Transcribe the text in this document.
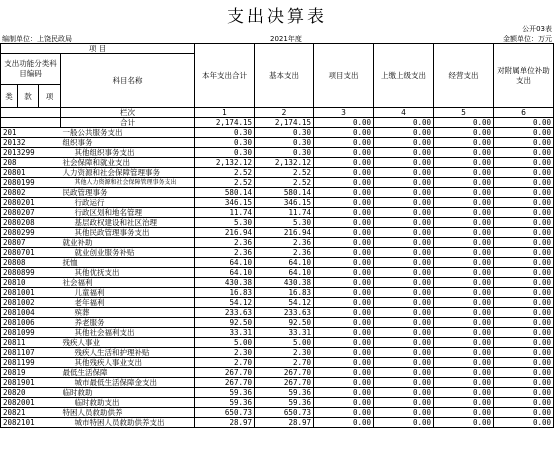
支出决算表
公开03表
编制单位：上饶民政局	2021年度	金额单位：万元
项 目				本年支出合计	基本支出	项目支出	上缴上级支出	经营支出	对附属单位补助支出
支出功能分类科目编码			科目名称						
类	款	项							
			栏次	1	2	3	4	5	6
			合计	2,174.15	2,174.15	0.00	0.00	0.00	0.00
201			一般公共服务支出	0.30	0.30	0.00	0.00	0.00	0.00
20132			组织事务	0.30	0.30	0.00	0.00	0.00	0.00
2013299			其他组织事务支出	0.30	0.30	0.00	0.00	0.00	0.00
208			社会保障和就业支出	2,132.12	2,132.12	0.00	0.00	0.00	0.00
20801			人力资源和社会保障管理事务	2.52	2.52	0.00	0.00	0.00	0.00
2080199			其他人力资源和社会保障管理事务支出	2.52	2.52	0.00	0.00	0.00	0.00
20802			民政管理事务	580.14	580.14	0.00	0.00	0.00	0.00
2080201			行政运行	346.15	346.15	0.00	0.00	0.00	0.00
2080207			行政区划和地名管理	11.74	11.74	0.00	0.00	0.00	0.00
2080208			基层政权建设和社区治理	5.30	5.30	0.00	0.00	0.00	0.00
2080299			其他民政管理事务支出	216.94	216.94	0.00	0.00	0.00	0.00
20807			就业补助	2.36	2.36	0.00	0.00	0.00	0.00
2080701			就业创业服务补贴	2.36	2.36	0.00	0.00	0.00	0.00
20808			抚恤	64.10	64.10	0.00	0.00	0.00	0.00
2080899			其他优抚支出	64.10	64.10	0.00	0.00	0.00	0.00
20810			社会福利	430.38	430.38	0.00	0.00	0.00	0.00
2081001			儿童福利	16.83	16.83	0.00	0.00	0.00	0.00
2081002			老年福利	54.12	54.12	0.00	0.00	0.00	0.00
2081004			殡葬	233.63	233.63	0.00	0.00	0.00	0.00
2081006			养老服务	92.50	92.50	0.00	0.00	0.00	0.00
2081099			其他社会福利支出	33.31	33.31	0.00	0.00	0.00	0.00
20811			残疾人事业	5.00	5.00	0.00	0.00	0.00	0.00
2081107			残疾人生活和护理补贴	2.30	2.30	0.00	0.00	0.00	0.00
2081199			其他残疾人事业支出	2.70	2.70	0.00	0.00	0.00	0.00
20819			最低生活保障	267.70	267.70	0.00	0.00	0.00	0.00
2081901			城市最低生活保障金支出	267.70	267.70	0.00	0.00	0.00	0.00
20820			临时救助	59.36	59.36	0.00	0.00	0.00	0.00
2082001			临时救助支出	59.36	59.36	0.00	0.00	0.00	0.00
20821			特困人员救助供养	650.73	650.73	0.00	0.00	0.00	0.00
2082101			城市特困人员救助供养支出	28.97	28.97	0.00	0.00	0.00	0.00
